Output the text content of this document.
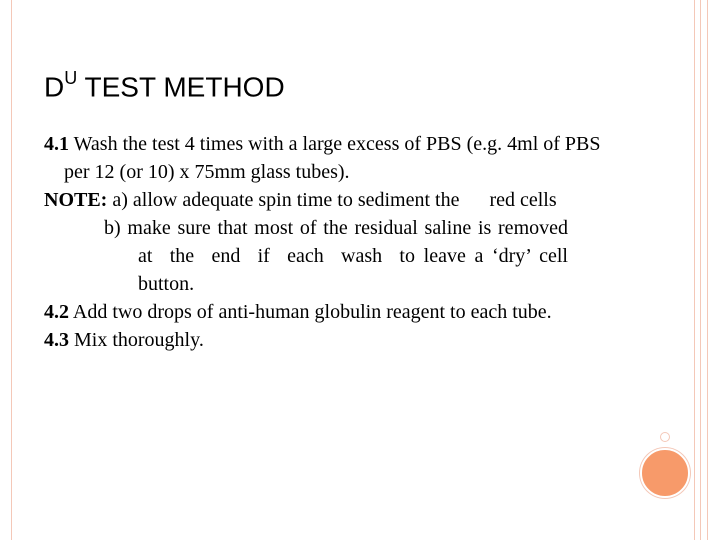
$D^U$ TEST METHOD

4.1 Wash the test 4 times with a large excess of PBS (e.g. 4ml of PBS per 12 (or 10) x 75mm glass tubes).

NOTE: a) allow adequate spin time to sediment the      red cells

b) make sure that most of the residual saline is removed  at  the  end  if  each  wash  to leave a ‘dry’ cell button.

4.2 Add two drops of anti-human globulin reagent to each tube.

4.3 Mix thoroughly.
